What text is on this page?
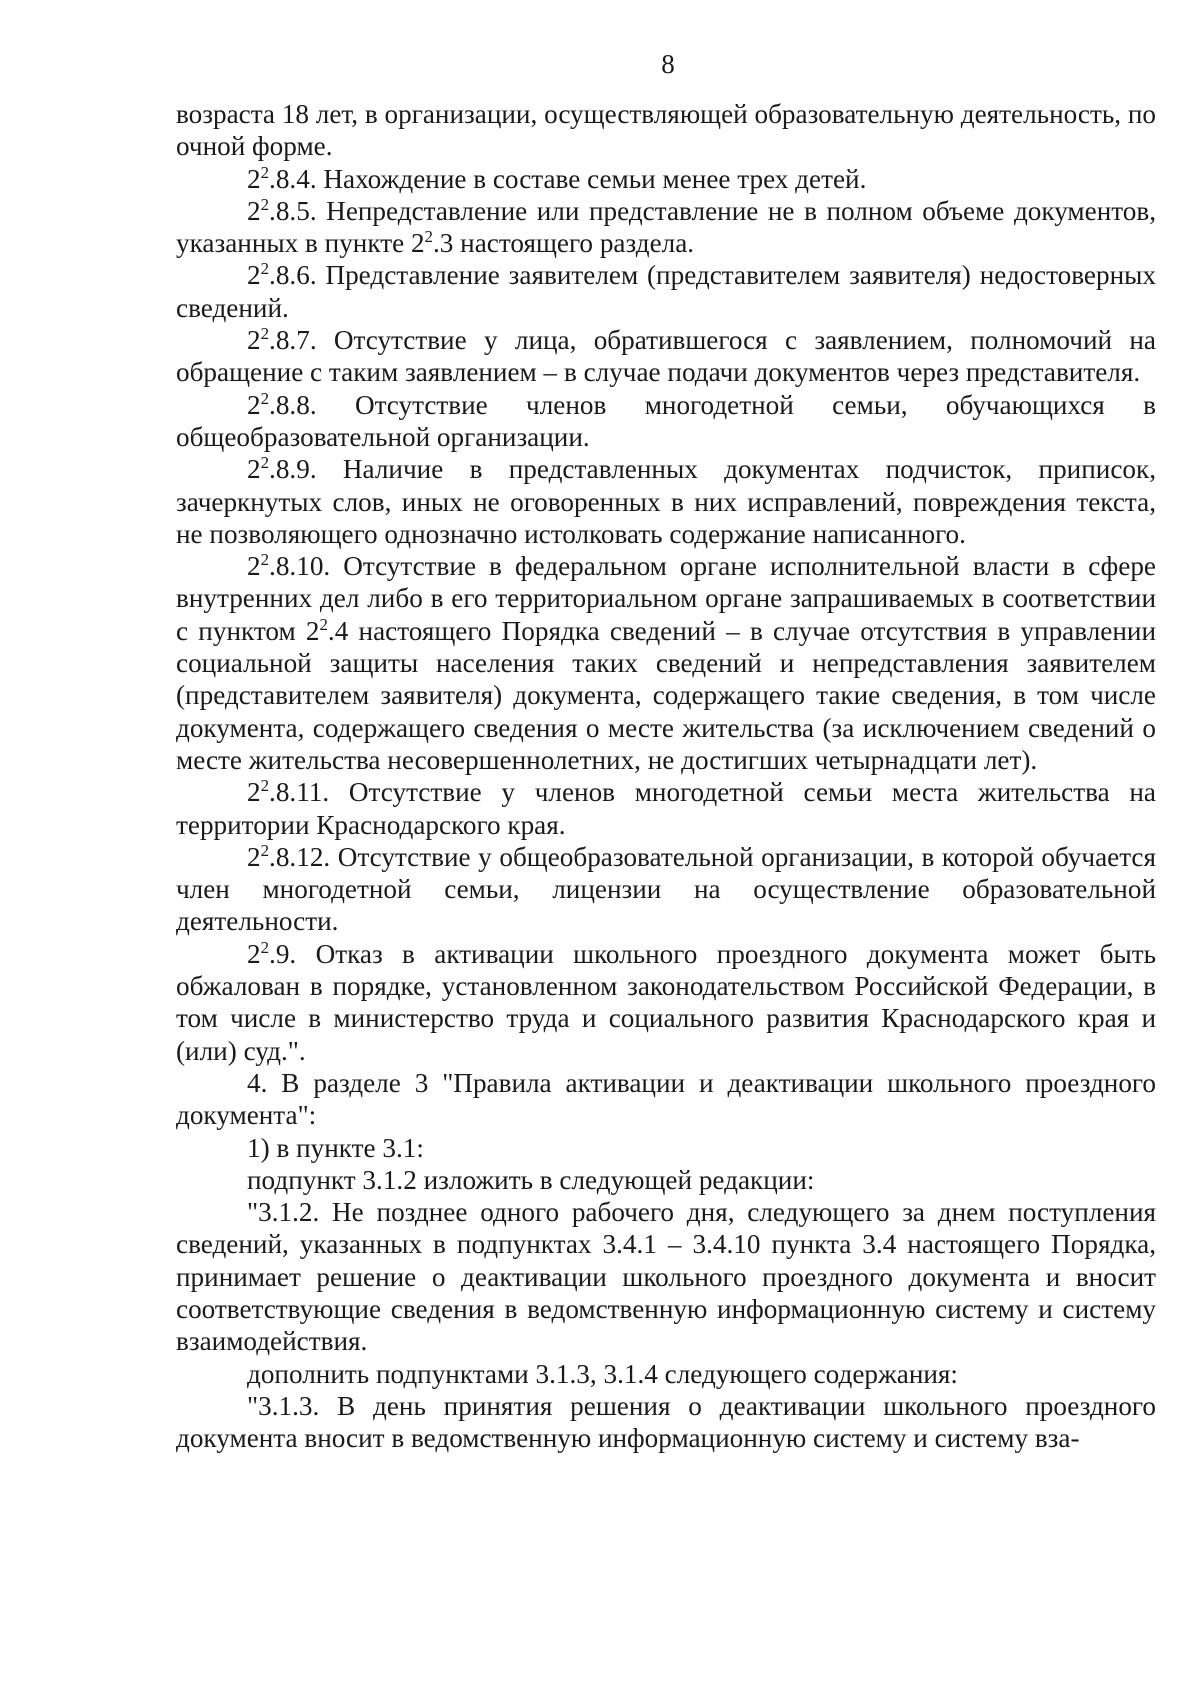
8

возраста 18 лет, в организации, осуществляющей образовательную деятельность, по очной форме.

$2^2.8.4$. Нахождение в составе семьи менее трех детей.

$2^2.8.5$. Непредставление или представление не в полном объеме документов, указанных в пункте $2^2.3$ настоящего раздела.

$2^2.8.6$. Представление заявителем (представителем заявителя) недостоверных сведений.

$2^2.8.7$. Отсутствие у лица, обратившегося с заявлением, полномочий на обращение с таким заявлением – в случае подачи документов через представителя.

$2^2.8.8$. Отсутствие членов многодетной семьи, обучающихся в общеобразовательной организации.

$2^2.8.9$. Наличие в представленных документах подчисток, приписок, зачеркнутых слов, иных не оговоренных в них исправлений, повреждения текста, не позволяющего однозначно истолковать содержание написанного.

$2^2.8.10$. Отсутствие в федеральном органе исполнительной власти в сфере внутренних дел либо в его территориальном органе запрашиваемых в соответствии с пунктом $2^2.4$ настоящего Порядка сведений – в случае отсутствия в управлении социальной защиты населения таких сведений и непредставления заявителем (представителем заявителя) документа, содержащего такие сведения, в том числе документа, содержащего сведения о месте жительства (за исключением сведений о месте жительства несовершеннолетних, не достигших четырнадцати лет).

$2^2.8.11$. Отсутствие у членов многодетной семьи места жительства на территории Краснодарского края.

$2^2.8.12$. Отсутствие у общеобразовательной организации, в которой обучается член многодетной семьи, лицензии на осуществление образовательной деятельности.

$2^2.9$. Отказ в активации школьного проездного документа может быть обжалован в порядке, установленном законодательством Российской Федерации, в том числе в министерство труда и социального развития Краснодарского края и (или) суд.".

4. В разделе 3 "Правила активации и деактивации школьного проездного документа":

1) в пункте 3.1:

подпункт 3.1.2 изложить в следующей редакции:

"3.1.2. Не позднее одного рабочего дня, следующего за днем поступления сведений, указанных в подпунктах 3.4.1 – 3.4.10 пункта 3.4 настоящего Порядка, принимает решение о деактивации школьного проездного документа и вносит соответствующие сведения в ведомственную информационную систему и систему взаимодействия.

дополнить подпунктами 3.1.3, 3.1.4 следующего содержания:

"3.1.3. В день принятия решения о деактивации школьного проездного документа вносит в ведомственную информационную систему и систему вза-
